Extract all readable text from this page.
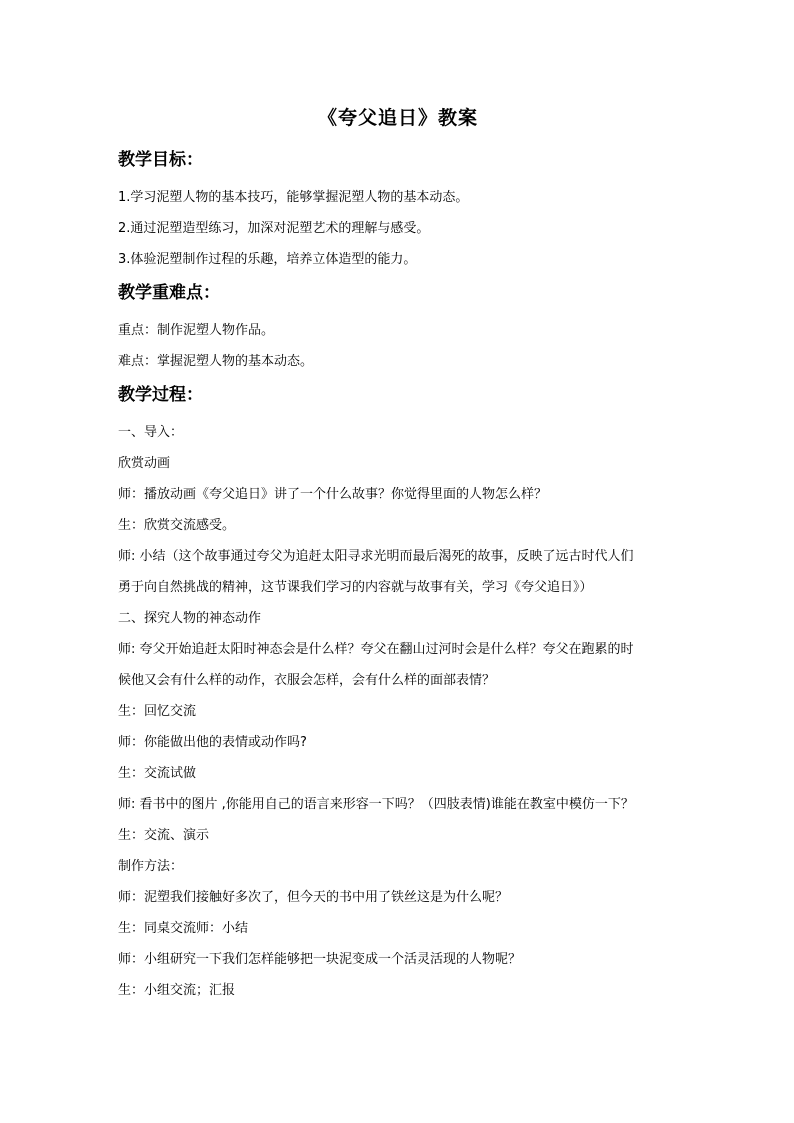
《夸父追日》教案
教学目标：

1.学习泥塑人物的基本技巧，能够掌握泥塑人物的基本动态。

2.通过泥塑造型练习，加深对泥塑艺术的理解与感受。

3.体验泥塑制作过程的乐趣，培养立体造型的能力。

教学重难点：

重点：制作泥塑人物作品。

难点：掌握泥塑人物的基本动态。

教学过程：

一、导入：

欣赏动画

师：播放动画《夸父追日》讲了一个什么故事？你觉得里面的人物怎么样？

生：欣赏交流感受。

师: 小结（这个故事通过夸父为追赶太阳寻求光明而最后渴死的故事，反映了远古时代人们

勇于向自然挑战的精神，这节课我们学习的内容就与故事有关，学习《夸父追日》）

二、探究人物的神态动作

师: 夸父开始追赶太阳时神态会是什么样？夸父在翻山过河时会是什么样？夸父在跑累的时

候他又会有什么样的动作，衣服会怎样，会有什么样的面部表情？

生：回忆交流

师：你能做出他的表情或动作吗?

生：交流试做

师: 看书中的图片 ,你能用自己的语言来形容一下吗？（四肢表情)谁能在教室中模仿一下？

生：交流、演示

制作方法：

师：泥塑我们接触好多次了，但今天的书中用了铁丝这是为什么呢？

生：同桌交流师：小结

师：小组研究一下我们怎样能够把一块泥变成一个活灵活现的人物呢？

生：小组交流；汇报
